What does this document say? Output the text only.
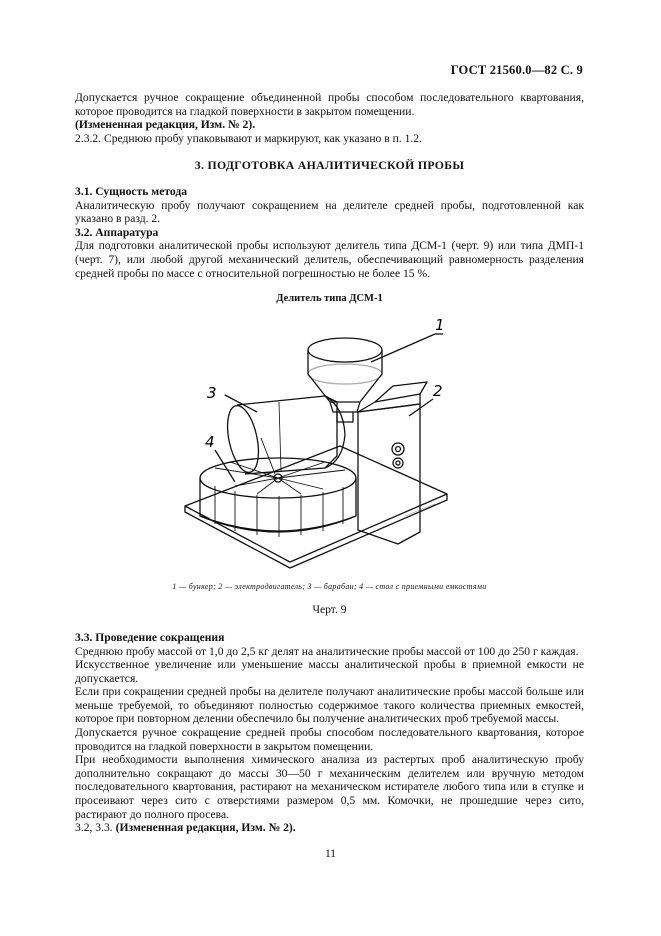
ГОСТ 21560.0—82 С. 9

Допускается ручное сокращение объединенной пробы способом последовательного квартования, которое проводится на гладкой поверхности в закрытом помещении.

(Измененная редакция, Изм. № 2).

2.3.2. Среднюю пробу упаковывают и маркируют, как указано в п. 1.2.

3. ПОДГОТОВКА АНАЛИТИЧЕСКОЙ ПРОБЫ

3.1. Сущность метода

Аналитическую пробу получают сокращением на делителе средней пробы, подготовленной как указано в разд. 2.

3.2. Аппаратура

Для подготовки аналитической пробы используют делитель типа ДСМ-1 (черт. 9) или типа ДМП-1 (черт. 7), или любой другой механический делитель, обеспечивающий равномерность разделения средней пробы по массе с относительной погрешностью не более 15 %.

Делитель типа ДСМ-1

1
2
3
4

1 — бункер; 2 — электродвигатель; 3 — барабан; 4 — стол с приемными емкостями

Черт. 9

3.3. Проведение сокращения

Среднюю пробу массой от 1,0 до 2,5 кг делят на аналитические пробы массой от 100 до 250 г каждая.

Искусственное увеличение или уменьшение массы аналитической пробы в приемной емкости не допускается.

Если при сокращении средней пробы на делителе получают аналитические пробы массой больше или меньше требуемой, то объединяют полностью содержимое такого количества приемных емкостей, которое при повторном делении обеспечило бы получение аналитических проб требуемой массы.

Допускается ручное сокращение средней пробы способом последовательного квартования, которое проводится на гладкой поверхности в закрытом помещении.

При необходимости выполнения химического анализа из растертых проб аналитическую пробу дополнительно сокращают до массы 30—50 г механическим делителем или вручную методом последовательного квартования, растирают на механическом истирателе любого типа или в ступке и просеивают через сито с отверстиями размером 0,5 мм. Комочки, не прошедшие через сито, растирают до полного просева.

3.2, 3.3. (Измененная редакция, Изм. № 2).

11
